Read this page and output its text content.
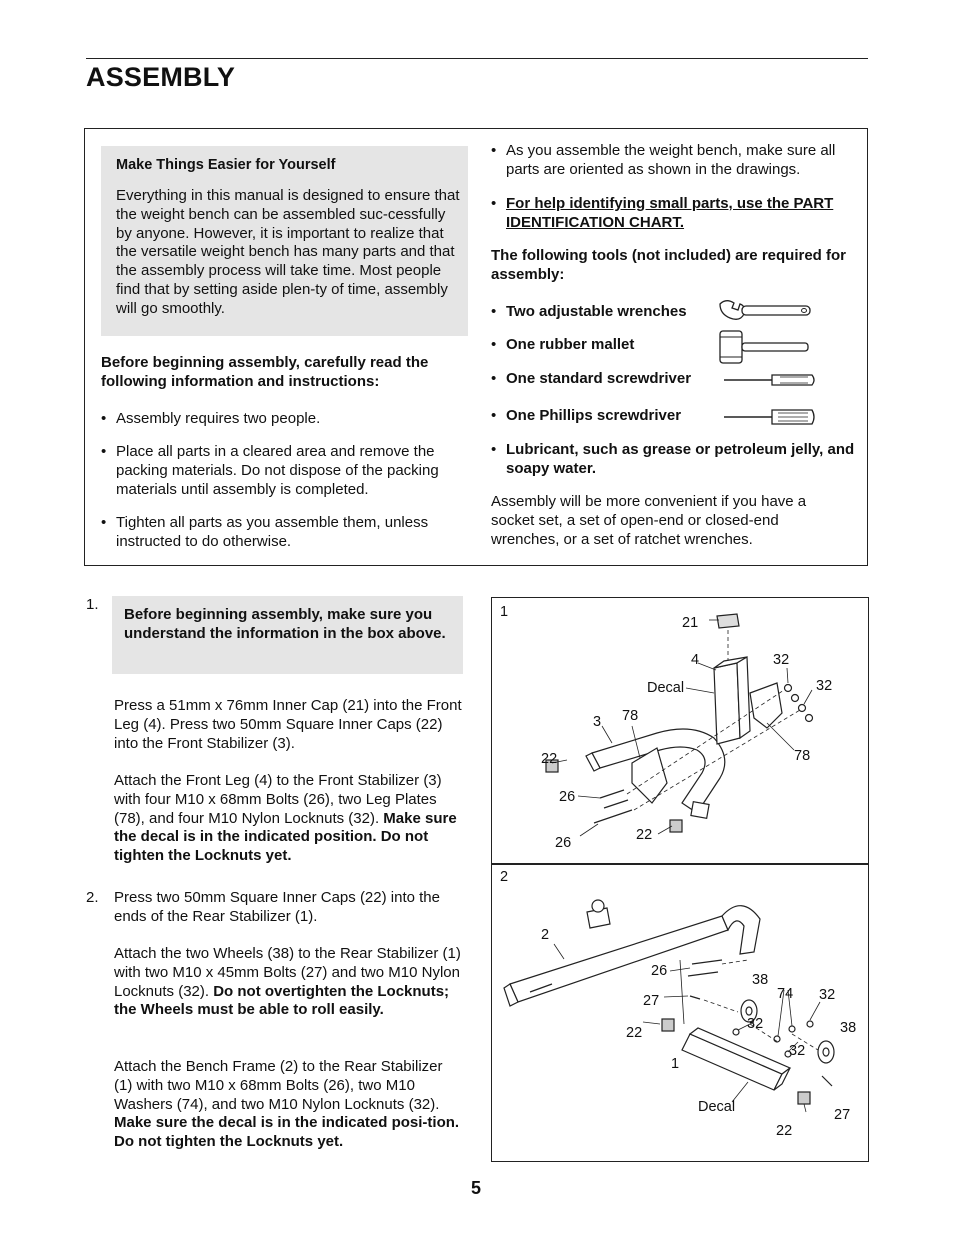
ASSEMBLY
Make Things Easier for Yourself
Everything in this manual is designed to ensure that the weight bench can be assembled suc-cessfully by anyone. However, it is important to realize that the versatile weight bench has many parts and that the assembly process will take time. Most people find that by setting aside plen-ty of time, assembly will go smoothly.

Before beginning assembly, carefully read the following information and instructions:

• Assembly requires two people.

• Place all parts in a cleared area and remove the packing materials. Do not dispose of the packing materials until assembly is completed.

• Tighten all parts as you assemble them, unless instructed to do otherwise.

• As you assemble the weight bench, make sure all parts are oriented as shown in the drawings.

• For help identifying small parts, use the PART IDENTIFICATION CHART.

The following tools (not included) are required for assembly:

• Two adjustable wrenches

• One rubber mallet

• One standard screwdriver

• One Phillips screwdriver

• Lubricant, such as grease or petroleum jelly, and soapy water.

Assembly will be more convenient if you have a socket set, a set of open-end or closed-end wrenches, or a set of ratchet wrenches.

1.

Before beginning assembly, make sure you understand the information in the box above.

Press a 51mm x 76mm Inner Cap (21) into the Front Leg (4). Press two 50mm Square Inner Caps (22) into the Front Stabilizer (3).

Attach the Front Leg (4) to the Front Stabilizer (3) with four M10 x 68mm Bolts (26), two Leg Plates (78), and four M10 Nylon Locknuts (32). Make sure the decal is in the indicated position. Do not tighten the Locknuts yet.

2. Press two 50mm Square Inner Caps (22) into the ends of the Rear Stabilizer (1).

Attach the two Wheels (38) to the Rear Stabilizer (1) with two M10 x 45mm Bolts (27) and two M10 Nylon Locknuts (32). Do not overtighten the Locknuts; the Wheels must be able to roll easily.

Attach the Bench Frame (2) to the Rear Stabilizer (1) with two M10 x 68mm Bolts (26), two M10 Washers (74), and two M10 Nylon Locknuts (32). Make sure the decal is in the indicated posi-tion. Do not tighten the Locknuts yet.

1
21
4	32
32
Decal
3 78
22	78
26
26	22
2
2
26
38
27	74 32
22
32	38
32
1
Decal	27
22
5
